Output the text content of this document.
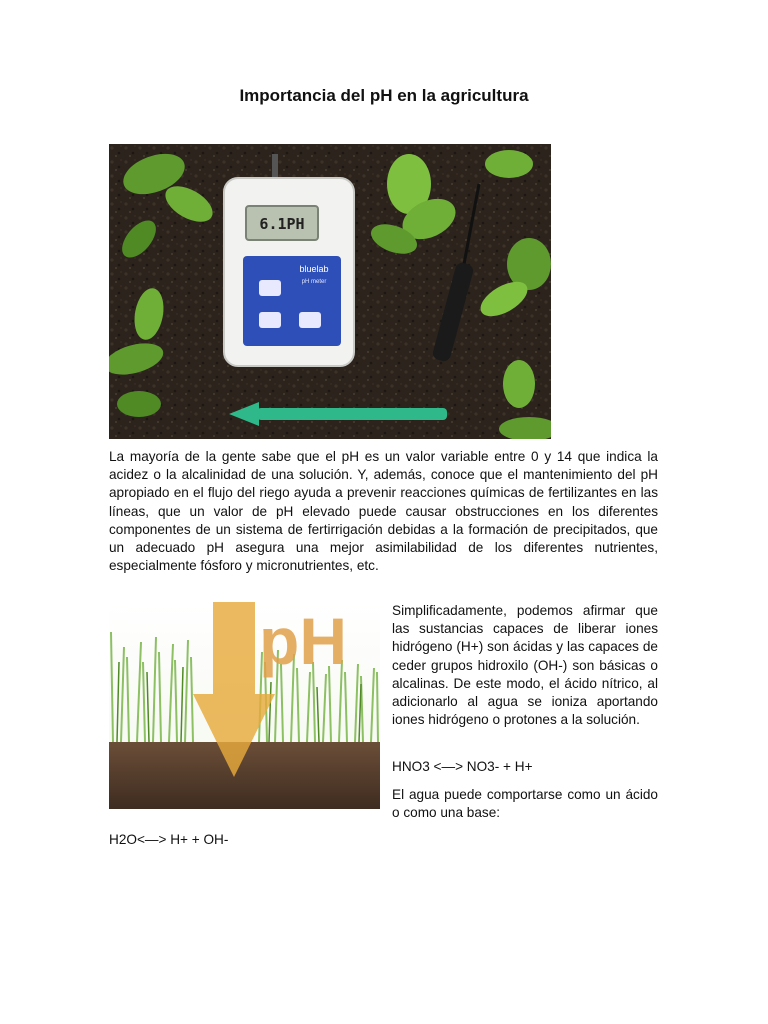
Importancia del pH en la agricultura
6.1PH
bluelab
pH meter

La mayoría de la gente sabe que el pH es un valor variable entre 0 y 14 que indica la acidez o la alcalinidad de una solución. Y, además, conoce que el mantenimiento del pH apropiado en el flujo del riego ayuda a prevenir reacciones químicas de fertilizantes en las líneas, que un valor de pH elevado puede causar obstrucciones en los diferentes componentes de un sistema de fertirrigación debidas a la formación de precipitados, que un adecuado pH asegura una mejor asimilabilidad de los diferentes nutrientes, especialmente fósforo y micronutrientes, etc.

pH	Simplificadamente, podemos afirmar que las sustancias capaces de liberar iones hidrógeno (H+) son ácidas y las capaces de ceder grupos hidroxilo (OH-) son básicas o alcalinas. De este modo, el ácido nítrico, al adicionarlo al agua se ioniza aportando iones hidrógeno o protones a la solución.

HNO3 <—> NO3- + H+

El agua puede comportarse como un ácido o como una base:

H2O<—> H+ + OH-
